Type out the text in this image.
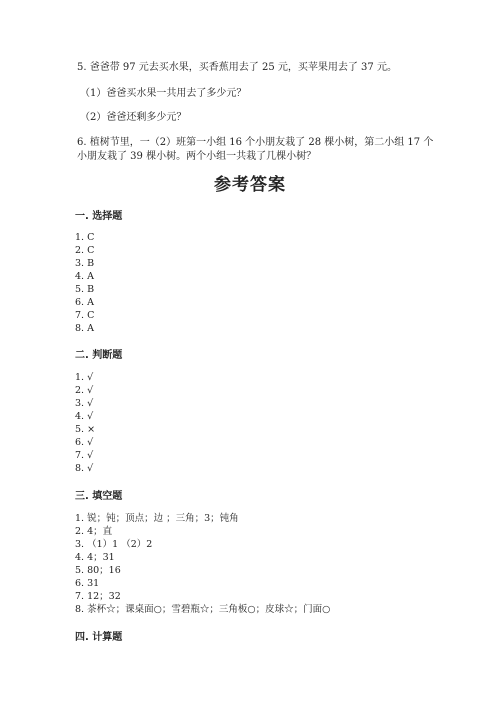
5. 爸爸带 97 元去买水果，买香蕉用去了 25 元，买苹果用去了 37 元。
（1）爸爸买水果一共用去了多少元？
（2）爸爸还剩多少元？
6. 植树节里，一（2）班第一小组 16 个小朋友栽了 28 棵小树，第二小组 17 个
小朋友栽了 39 棵小树。两个小组一共栽了几棵小树？
参考答案
一. 选择题
1. C
2. C
3. B
4. A
5. B
6. A
7. C
8. A
二. 判断题
1. √
2. √
3. √
4. √
5. ×
6. √
7. √
8. √
三. 填空题
1. 锐；钝；顶点；边 ；三角；3；钝角
2. 4；直
3. （1）1 （2）2
4. 4；31
5. 80；16
6. 31
7. 12；32
8. 茶杯☆；课桌面○；雪碧瓶☆；三角板○；皮球☆；门面○
四. 计算题
